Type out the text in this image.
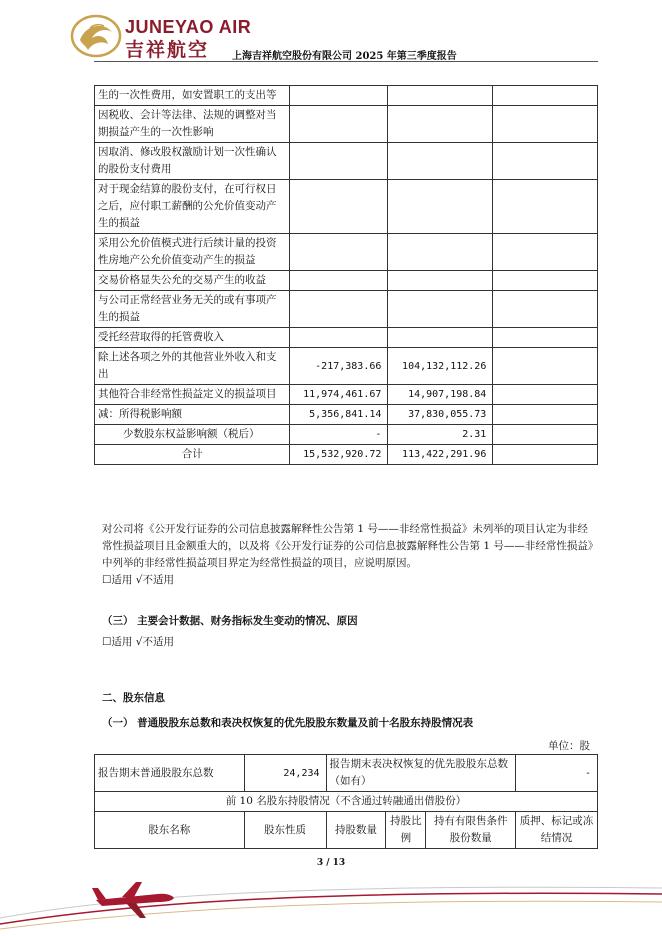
JUNEYAO AIR
吉祥航空 上海吉祥航空股份有限公司 2025 年第三季度报告
生的一次性费用，如安置职工的支出等			
因税收、会计等法律、法规的调整对当期损益产生的一次性影响			
因取消、修改股权激励计划一次性确认的股份支付费用			
对于现金结算的股份支付，在可行权日之后，应付职工薪酬的公允价值变动产生的损益			
采用公允价值模式进行后续计量的投资性房地产公允价值变动产生的损益			
交易价格显失公允的交易产生的收益			
与公司正常经营业务无关的或有事项产生的损益			
受托经营取得的托管费收入			
除上述各项之外的其他营业外收入和支出	-217,383.66	104,132,112.26	
其他符合非经常性损益定义的损益项目	11,974,461.67	14,907,198.84	
减：所得税影响额	5,356,841.14	37,830,055.73	
少数股东权益影响额（税后）	-	2.31	
合计	15,532,920.72	113,422,291.96	

对公司将《公开发行证券的公司信息披露解释性公告第 1 号——非经常性损益》未列举的项目认定为非经常性损益项目且金额重大的，以及将《公开发行证券的公司信息披露解释性公告第 1 号——非经常性损益》中列举的非经常性损益项目界定为经常性损益的项目，应说明原因。

☐适用 √不适用

（三） 主要会计数据、财务指标发生变动的情况、原因
☐适用 √不适用
二、股东信息
（一） 普通股股东总数和表决权恢复的优先股股东数量及前十名股东持股情况表
单位：股
报告期末普通股股东总数	24,234	报告期末表决权恢复的优先股股东总数（如有）			-
前 10 名股东持股情况（不含通过转融通出借股份）					
股东名称	股东性质	持股数量	持股比例	持有有限售条件股份数量	质押、标记或冻结情况
3 / 13
